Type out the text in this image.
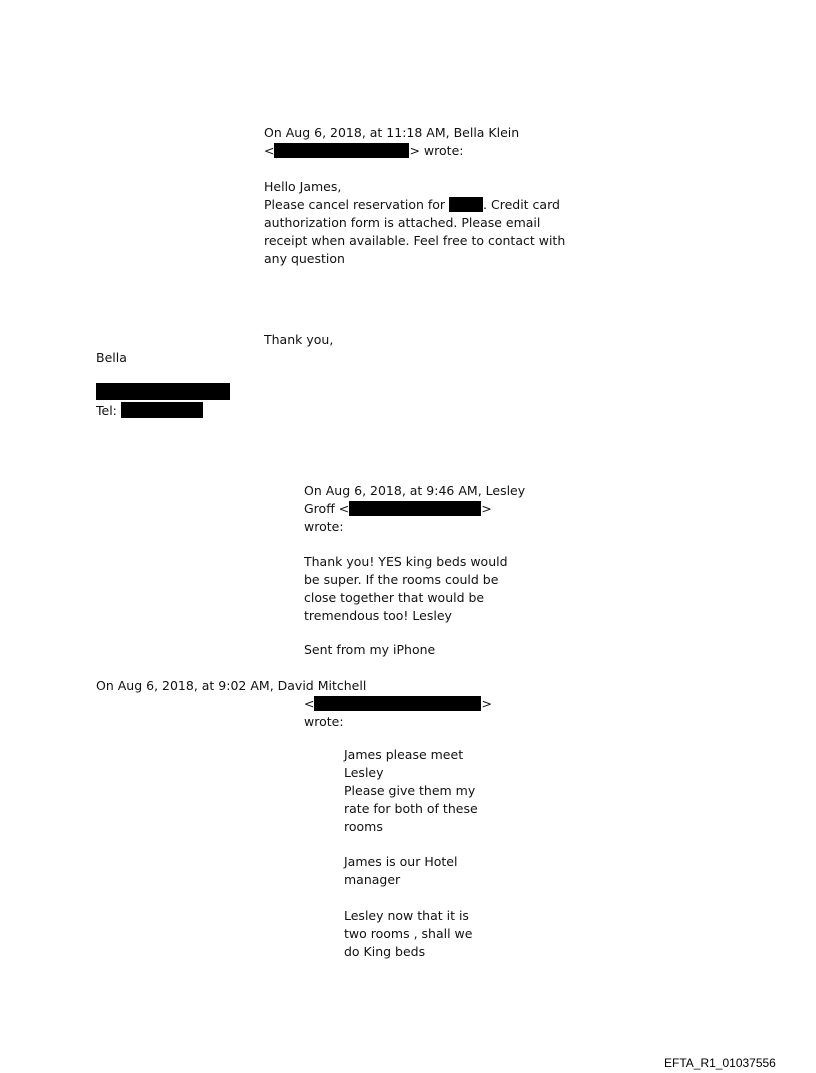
On Aug 6, 2018, at 11:18 AM, Bella Klein
<	> wrote:
Hello James,
Please cancel reservation for	. Credit card
authorization form is attached. Please email
receipt when available. Feel free to contact with
any question
Thank you,
Bella
Tel:
On Aug 6, 2018, at 9:46 AM, Lesley
Groff <	>
wrote:
Thank you! YES king beds would
be super. If the rooms could be
close together that would be
tremendous too! Lesley
Sent from my iPhone
On Aug 6, 2018, at 9:02 AM, David Mitchell
<	>
wrote:
James please meet
Lesley
Please give them my
rate for both of these
rooms
James is our Hotel
manager
Lesley now that it is
two rooms , shall we
do King beds
EFTA_R1_01037556
